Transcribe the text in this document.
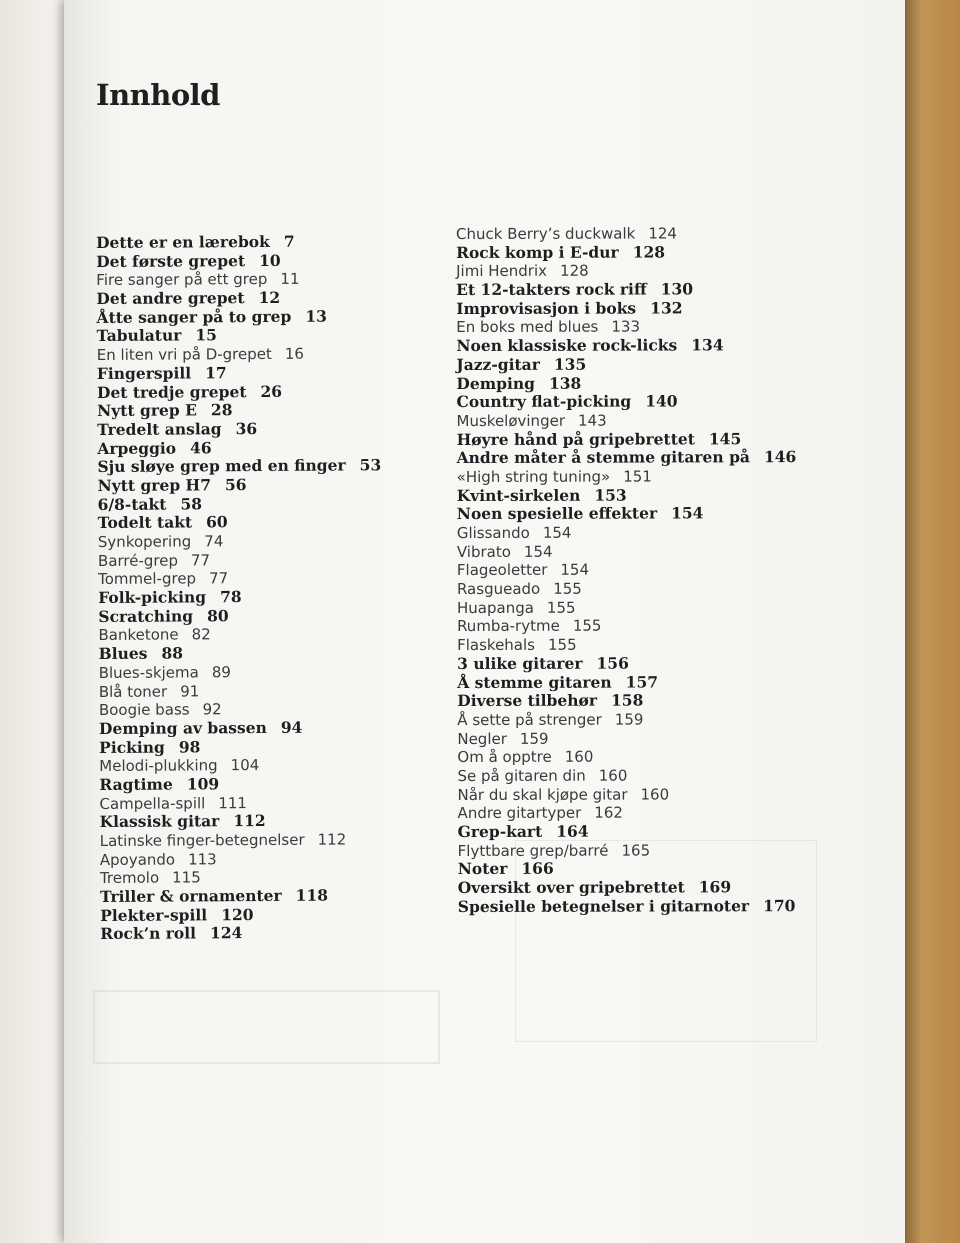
Innhold
Dette er en lærebok 7
Det første grepet 10
Fire sanger på ett grep 11
Det andre grepet 12
Åtte sanger på to grep 13
Tabulatur 15
En liten vri på D-grepet 16
Fingerspill 17
Det tredje grepet 26
Nytt grep E 28
Tredelt anslag 36
Arpeggio 46
Sju sløye grep med en finger 53
Nytt grep H7 56
6/8-takt 58
Todelt takt 60
Synkopering 74
Barré-grep 77
Tommel-grep 77
Folk-picking 78
Scratching 80
Banketone 82
Blues 88
Blues-skjema 89
Blå toner 91
Boogie bass 92
Demping av bassen 94
Picking 98
Melodi-plukking 104
Ragtime 109
Campella-spill 111
Klassisk gitar 112
Latinske finger-betegnelser 112
Apoyando 113
Tremolo 115
Triller & ornamenter 118
Plekter-spill 120
Rock’n roll 124
Chuck Berry’s duckwalk 124
Rock komp i E-dur 128
Jimi Hendrix 128
Et 12-takters rock riff 130
Improvisasjon i boks 132
En boks med blues 133
Noen klassiske rock-licks 134
Jazz-gitar 135
Demping 138
Country flat-picking 140
Muskeløvinger 143
Høyre hånd på gripebrettet 145
Andre måter å stemme gitaren på 146
«High string tuning» 151
Kvint-sirkelen 153
Noen spesielle effekter 154
Glissando 154
Vibrato 154
Flageoletter 154
Rasgueado 155
Huapanga 155
Rumba-rytme 155
Flaskehals 155
3 ulike gitarer 156
Å stemme gitaren 157
Diverse tilbehør 158
Å sette på strenger 159
Negler 159
Om å opptre 160
Se på gitaren din 160
Når du skal kjøpe gitar 160
Andre gitartyper 162
Grep-kart 164
Flyttbare grep/barré 165
Noter 166
Oversikt over gripebrettet 169
Spesielle betegnelser i gitarnoter 170
